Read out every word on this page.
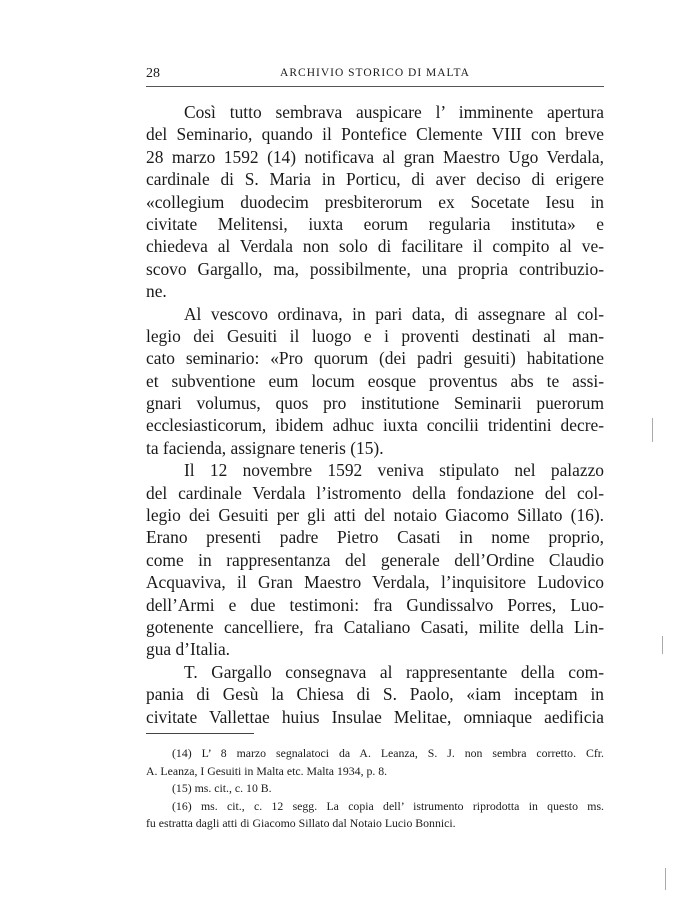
28	ARCHIVIO STORICO DI MALTA

Così tutto sembrava auspicare l’ imminente apertura
del Seminario, quando il Pontefice Clemente VIII con breve
28 marzo 1592 (14) notificava al gran Maestro Ugo Verdala,
cardinale di S. Maria in Porticu, di aver deciso di erigere
«collegium duodecim presbiterorum ex Socetate Iesu in
civitate Melitensi, iuxta eorum regularia instituta» e
chiedeva al Verdala non solo di facilitare il compito al ve-
scovo Gargallo, ma, possibilmente, una propria contribuzio-
ne.

Al vescovo ordinava, in pari data, di assegnare al col-
legio dei Gesuiti il luogo e i proventi destinati al man-
cato seminario: «Pro quorum (dei padri gesuiti) habitatione
et subventione eum locum eosque proventus abs te assi-
gnari volumus, quos pro institutione Seminarii puerorum
ecclesiasticorum, ibidem adhuc iuxta concilii tridentini decre-
ta facienda, assignare teneris (15).

Il 12 novembre 1592 veniva stipulato nel palazzo
del cardinale Verdala l’istromento della fondazione del col-
legio dei Gesuiti per gli atti del notaio Giacomo Sillato (16).
Erano presenti padre Pietro Casati in nome proprio,
come in rappresentanza del generale dell’Ordine Claudio
Acquaviva, il Gran Maestro Verdala, l’inquisitore Ludovico
dell’Armi e due testimoni: fra Gundissalvo Porres, Luo-
gotenente cancelliere, fra Cataliano Casati, milite della Lin-
gua d’Italia.

T. Gargallo consegnava al rappresentante della com-
pania di Gesù la Chiesa di S. Paolo, «iam inceptam in
civitate Vallettae huius Insulae Melitae, omniaque aedificia

(14) L’ 8 marzo segnalatoci da A. Leanza, S. J. non sembra corretto. Cfr.
A. Leanza, I Gesuiti in Malta etc. Malta 1934, p. 8.
(15) ms. cit., c. 10 B.
(16) ms. cit., c. 12 segg. La copia dell’ istrumento riprodotta in questo ms.
fu estratta dagli atti di Giacomo Sillato dal Notaio Lucio Bonnici.
